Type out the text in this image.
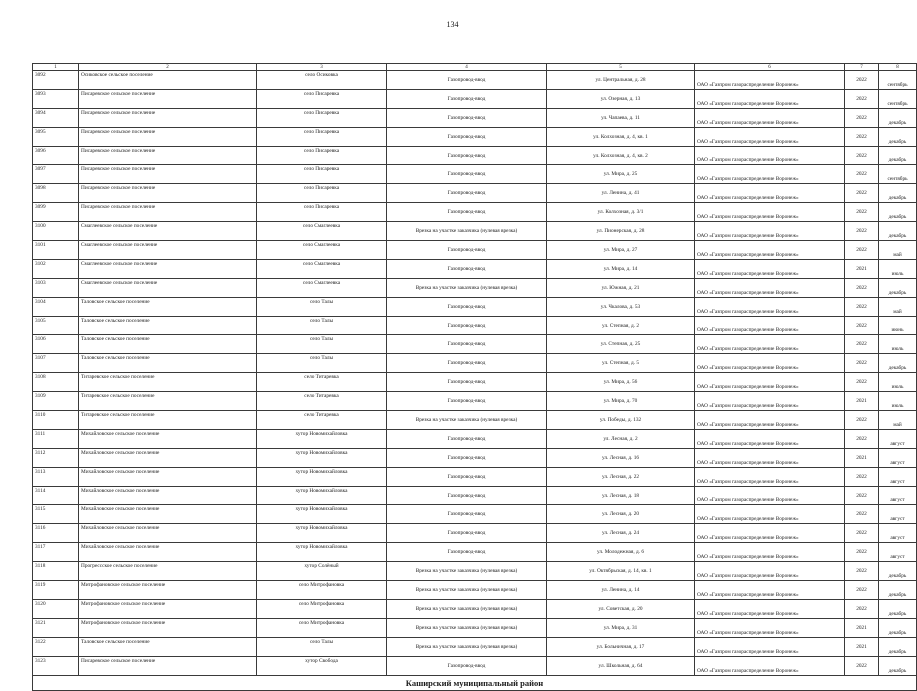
134
1	2	3	4	5	6	7	8
3092	Осиковское сельское поселение	село Осиковка	Газопровод-ввод	ул. Центральная, д. 28	ОАО «Газпром газораспределение Воронеж»	2022	сентябрь
3093	Писаревское сельское поселение	село Писаревка	Газопровод-ввод	ул. Озерная, д. 13	ОАО «Газпром газораспределение Воронеж»	2022	сентябрь
3094	Писаревское сельское поселение	село Писаревка	Газопровод-ввод	ул. Чапаева, д. 11	ОАО «Газпром газораспределение Воронеж»	2022	декабрь
3095	Писаревское сельское поселение	село Писаревка	Газопровод-ввод	ул. Колхозная, д. 4, кв. 1	ОАО «Газпром газораспределение Воронеж»	2022	декабрь
3096	Писаревское сельское поселение	село Писаревка	Газопровод-ввод	ул. Колхозная, д. 4, кв. 2	ОАО «Газпром газораспределение Воронеж»	2022	декабрь
3097	Писаревское сельское поселение	село Писаревка	Газопровод-ввод	ул. Мира, д. 25	ОАО «Газпром газораспределение Воронеж»	2022	сентябрь
3098	Писаревское сельское поселение	село Писаревка	Газопровод-ввод	ул. Ленина, д. 41	ОАО «Газпром газораспределение Воронеж»	2022	декабрь
3099	Писаревское сельское поселение	село Писаревка	Газопровод-ввод	ул. Колхозная, д. 3/1	ОАО «Газпром газораспределение Воронеж»	2022	декабрь
3100	Смаглеевское сельское поселение	село Смаглеевка	Врезка на участке заказчика (нулевая врезка)	ул. Пионерская, д. 28	ОАО «Газпром газораспределение Воронеж»	2022	декабрь
3101	Смаглеевское сельское поселение	село Смаглеевка	Газопровод-ввод	ул. Мира, д. 27	ОАО «Газпром газораспределение Воронеж»	2022	май
3102	Смаглеевское сельское поселение	село Смаглеевка	Газопровод-ввод	ул. Мира, д. 14	ОАО «Газпром газораспределение Воронеж»	2021	июль
3103	Смаглеевское сельское поселение	село Смаглеевка	Врезка на участке заказчика (нулевая врезка)	ул. Южная, д. 21	ОАО «Газпром газораспределение Воронеж»	2022	декабрь
3104	Таловское сельское поселение	село Талы	Газопровод-ввод	ул. Чкалова, д. 53	ОАО «Газпром газораспределение Воронеж»	2022	май
3105	Таловское сельское поселение	село Талы	Газопровод-ввод	ул. Степная, д. 2	ОАО «Газпром газораспределение Воронеж»	2022	июнь
3106	Таловское сельское поселение	село Талы	Газопровод-ввод	ул. Степная, д. 25	ОАО «Газпром газораспределение Воронеж»	2022	июль
3107	Таловское сельское поселение	село Талы	Газопровод-ввод	ул. Степная, д. 5	ОАО «Газпром газораспределение Воронеж»	2022	декабрь
3108	Титаревское сельское поселение	село Титаревка	Газопровод-ввод	ул. Мира, д. 56	ОАО «Газпром газораспределение Воронеж»	2022	июль
3109	Титаревское сельское поселение	село Титаревка	Газопровод-ввод	ул. Мира, д. 70	ОАО «Газпром газораспределение Воронеж»	2021	июль
3110	Титаревское сельское поселение	село Титаревка	Врезка на участке заказчика (нулевая врезка)	ул. Победы, д. 132	ОАО «Газпром газораспределение Воронеж»	2022	май
3111	Михайловское сельское поселение	хутор Новомихайловка	Газопровод-ввод	ул. Лесная, д. 2	ОАО «Газпром газораспределение Воронеж»	2022	август
3112	Михайловское сельское поселение	хутор Новомихайловка	Газопровод-ввод	ул. Лесная, д. 16	ОАО «Газпром газораспределение Воронеж»	2021	август
3113	Михайловское сельское поселение	хутор Новомихайловка	Газопровод-ввод	ул. Лесная, д. 22	ОАО «Газпром газораспределение Воронеж»	2022	август
3114	Михайловское сельское поселение	хутор Новомихайловка	Газопровод-ввод	ул. Лесная, д. 18	ОАО «Газпром газораспределение Воронеж»	2022	август
3115	Михайловское сельское поселение	хутор Новомихайловка	Газопровод-ввод	ул. Лесная, д. 20	ОАО «Газпром газораспределение Воронеж»	2022	август
3116	Михайловское сельское поселение	хутор Новомихайловка	Газопровод-ввод	ул. Лесная, д. 24	ОАО «Газпром газораспределение Воронеж»	2022	август
3117	Михайловское сельское поселение	хутор Новомихайловка	Газопровод-ввод	ул. Молодежная, д. 6	ОАО «Газпром газораспределение Воронеж»	2022	август
3118	Прогрессское сельское поселение	хутор Солёный	Врезка на участке заказчика (нулевая врезка)	ул. Октябрьская, д. 14, кв. 1	ОАО «Газпром газораспределение Воронеж»	2022	декабрь
3119	Митрофановское сельское поселение	село Митрофановка	Врезка на участке заказчика (нулевая врезка)	ул. Ленина, д. 14	ОАО «Газпром газораспределение Воронеж»	2022	декабрь
3120	Митрофановское сельское поселение	село Митрофановка	Врезка на участке заказчика (нулевая врезка)	ул. Советская, д. 20	ОАО «Газпром газораспределение Воронеж»	2022	декабрь
3121	Митрофановское сельское поселение	село Митрофановка	Врезка на участке заказчика (нулевая врезка)	ул. Мира, д. 31	ОАО «Газпром газораспределение Воронеж»	2021	декабрь
3122	Таловское сельское поселение	село Талы	Врезка на участке заказчика (нулевая врезка)	ул. Больничная, д. 17	ОАО «Газпром газораспределение Воронеж»	2021	декабрь
3123	Писаревское сельское поселение	хутор Свобода	Газопровод-ввод	ул. Школьная, д. 64	ОАО «Газпром газораспределение Воронеж»	2022	декабрь
Каширский муниципальный район							
